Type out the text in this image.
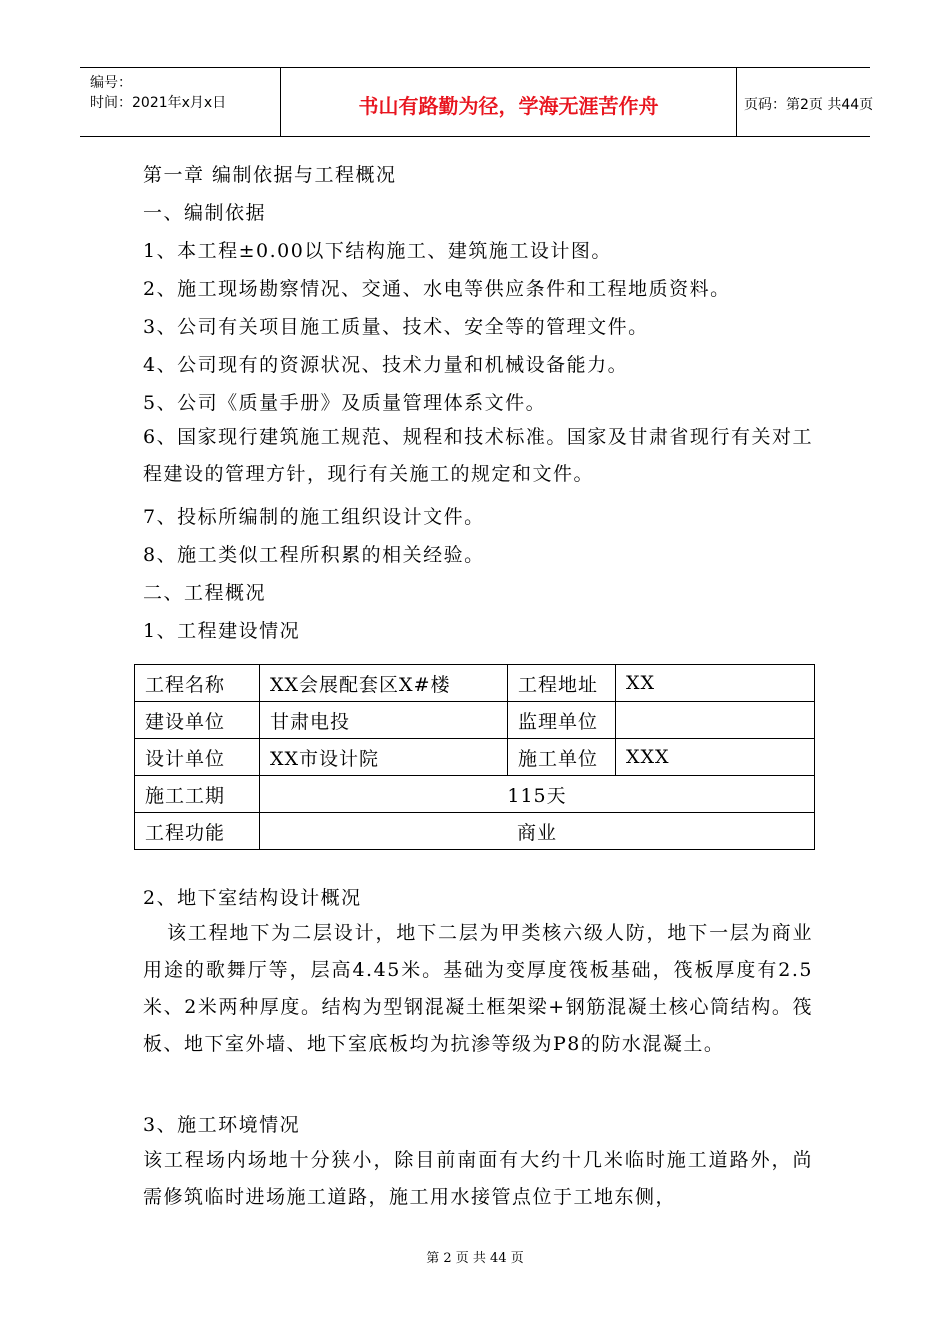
编号：
时间：2021年x月x日	书山有路勤为径，学海无涯苦作舟	页码：第2页 共44页
第一章 编制依据与工程概况
一、编制依据
1、本工程±0.00以下结构施工、建筑施工设计图。
2、施工现场勘察情况、交通、水电等供应条件和工程地质资料。
3、公司有关项目施工质量、技术、安全等的管理文件。
4、公司现有的资源状况、技术力量和机械设备能力。
5、公司《质量手册》及质量管理体系文件。
6、国家现行建筑施工规范、规程和技术标准。国家及甘肃省现行有关对工程建设的管理方针，现行有关施工的规定和文件。
7、投标所编制的施工组织设计文件。
8、施工类似工程所积累的相关经验。
二、工程概况
1、工程建设情况
工程名称	XX会展配套区X#楼	工程地址	XX
建设单位	甘肃电投	监理单位	
设计单位	XX市设计院	施工单位	XXX
施工工期	115天		
工程功能	商业		
2、地下室结构设计概况
该工程地下为二层设计，地下二层为甲类核六级人防，地下一层为商业用途的歌舞厅等，层高4.45米。基础为变厚度筏板基础，筏板厚度有2.5米、2米两种厚度。结构为型钢混凝土框架梁+钢筋混凝土核心筒结构。筏板、地下室外墙、地下室底板均为抗渗等级为P8的防水混凝土。
3、施工环境情况
该工程场内场地十分狭小，除目前南面有大约十几米临时施工道路外，尚需修筑临时进场施工道路，施工用水接管点位于工地东侧，
第 2 页 共 44 页
